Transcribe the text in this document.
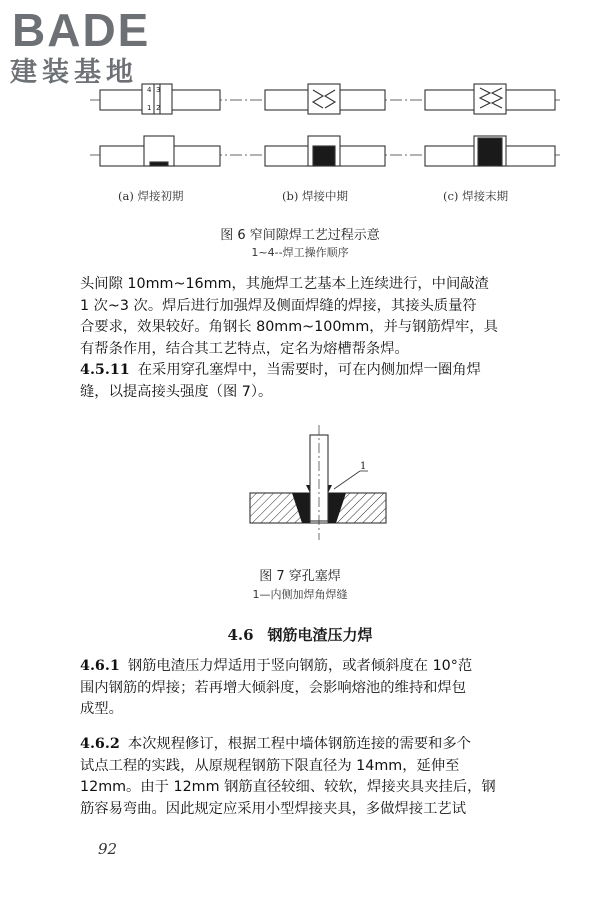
BADE
建装基地
4 3
1 2
(a) 焊接初期	(b) 焊接中期	(c) 焊接末期
图 6 窄间隙焊工艺过程示意
1~4--焊工操作顺序
头间隙 10mm~16mm，其施焊工艺基本上连续进行，中间敲渣
1 次~3 次。焊后进行加强焊及侧面焊缝的焊接，其接头质量符
合要求，效果较好。角钢长 80mm~100mm，并与钢筋焊牢，具
有帮条作用，结合其工艺特点，定名为熔槽帮条焊。
4.5.11 在采用穿孔塞焊中，当需要时，可在内侧加焊一圈角焊
缝，以提高接头强度（图 7）。
1
图 7 穿孔塞焊
1—内侧加焊角焊缝
4.6 钢筋电渣压力焊
4.6.1 钢筋电渣压力焊适用于竖向钢筋，或者倾斜度在 10°范
围内钢筋的焊接；若再增大倾斜度，会影响熔池的维持和焊包
成型。
4.6.2 本次规程修订，根据工程中墙体钢筋连接的需要和多个
试点工程的实践，从原规程钢筋下限直径为 14mm，延伸至
12mm。由于 12mm 钢筋直径较细、较软，焊接夹具夹挂后，钢
筋容易弯曲。因此规定应采用小型焊接夹具，多做焊接工艺试
92
